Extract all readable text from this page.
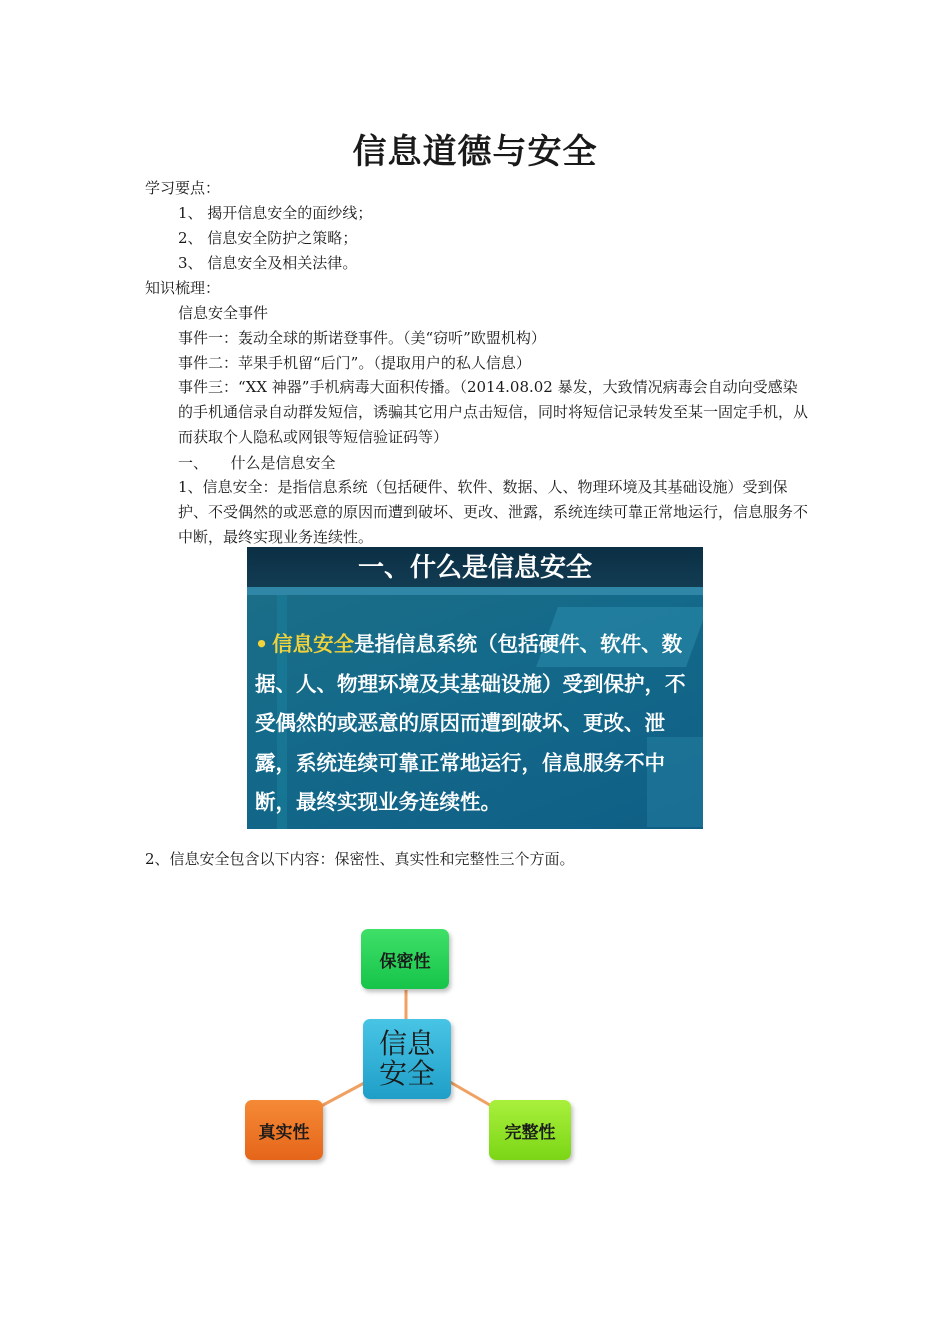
信息道德与安全
学习要点：
1、 揭开信息安全的面纱线；
2、 信息安全防护之策略；
3、 信息安全及相关法律。
知识梳理：
信息安全事件
事件一：轰动全球的斯诺登事件。（美“窃听”欧盟机构）
事件二：苹果手机留“后门”。（提取用户的私人信息）
事件三：“XX 神器”手机病毒大面积传播。（2014.08.02 暴发，大致情况病毒会自动向受感染的手机通信录自动群发短信，诱骗其它用户点击短信，同时将短信记录转发至某一固定手机，从而获取个人隐私或网银等短信验证码等）
一、　　什么是信息安全
1、信息安全：是指信息系统（包括硬件、软件、数据、人、物理环境及其基础设施）受到保护、不受偶然的或恶意的原因而遭到破坏、更改、泄露，系统连续可靠正常地运行，信息服务不中断，最终实现业务连续性。
一、什么是信息安全
• 信息安全是指信息系统（包括硬件、软件、数据、人、物理环境及其基础设施）受到保护，不受偶然的或恶意的原因而遭到破坏、更改、泄露，系统连续可靠正常地运行，信息服务不中断，最终实现业务连续性。
2、信息安全包含以下内容：保密性、真实性和完整性三个方面。
保密性
信息
安全
真实性	完整性
